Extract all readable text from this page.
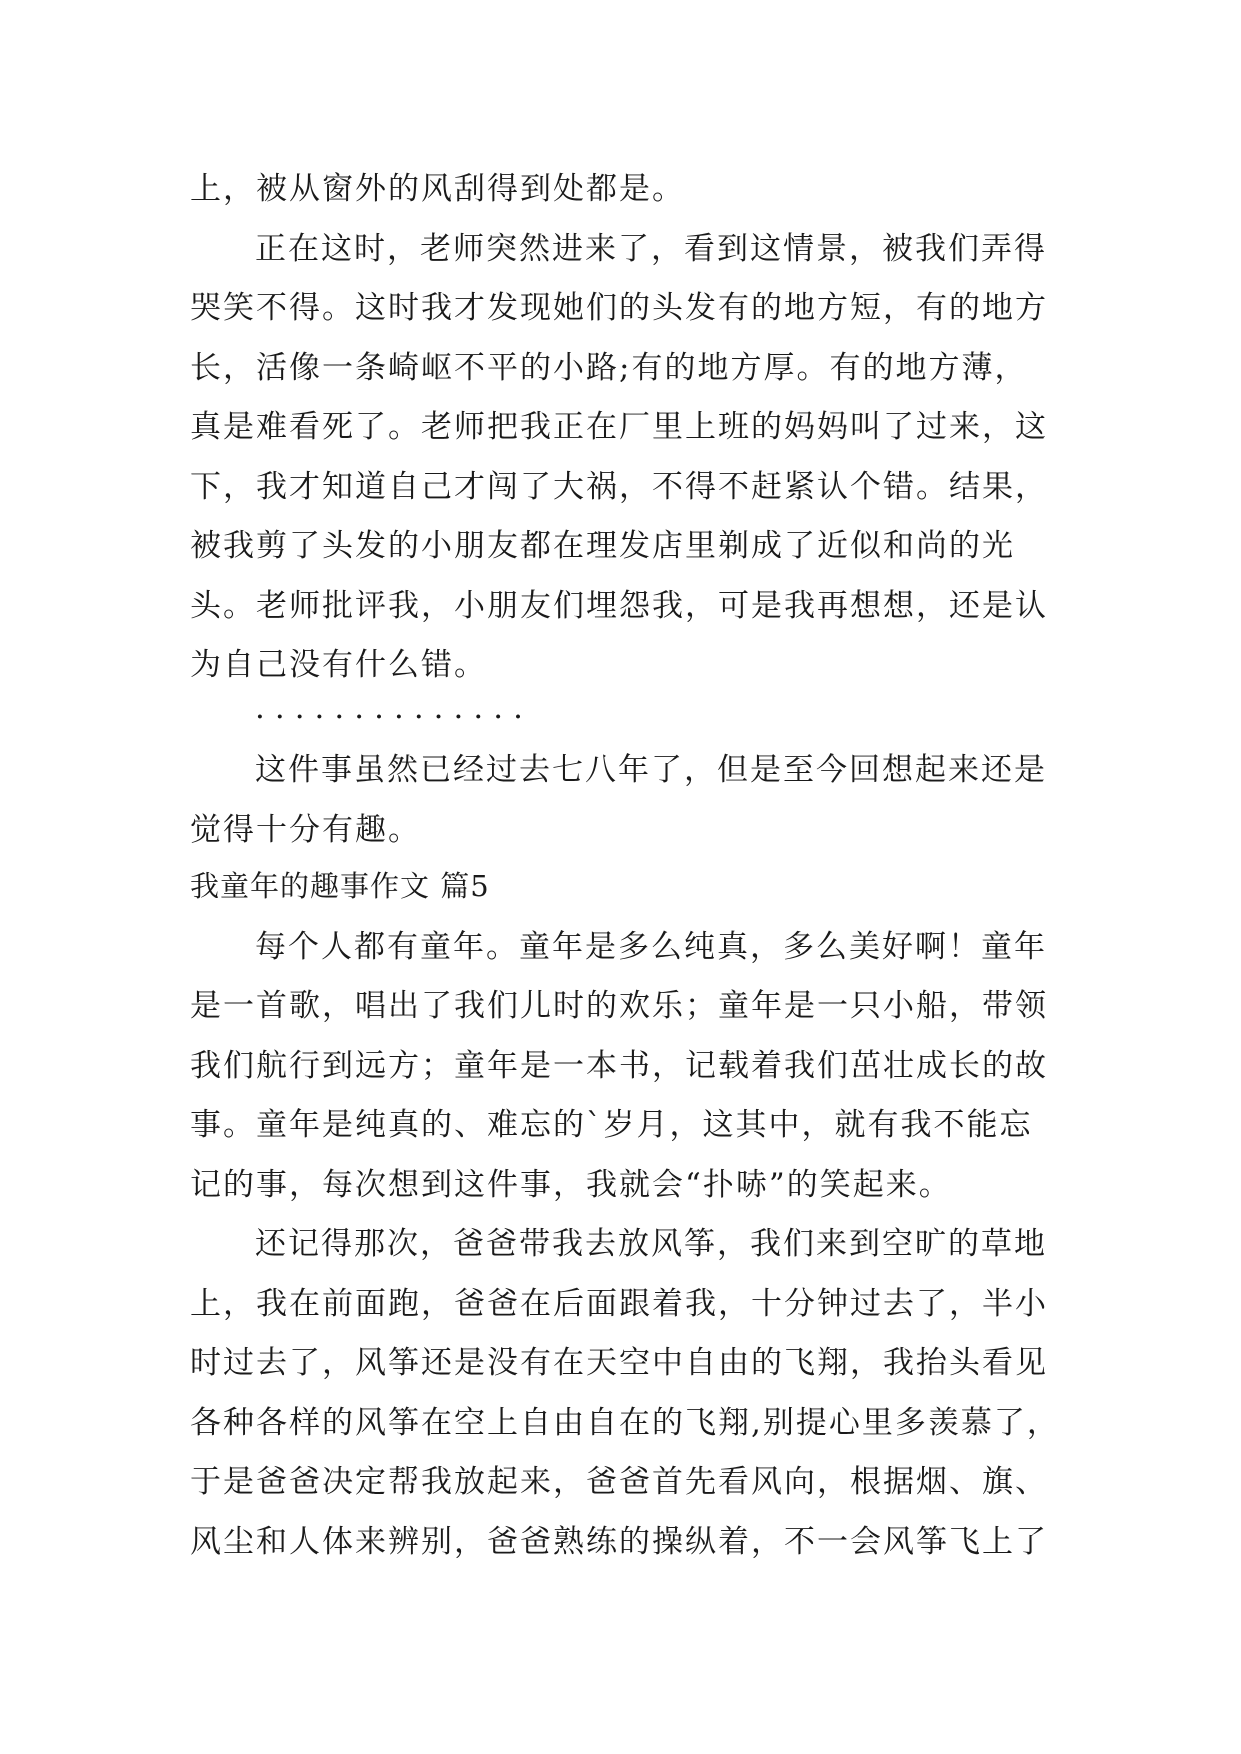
上，被从窗外的风刮得到处都是。
正在这时，老师突然进来了，看到这情景，被我们弄得
哭笑不得。这时我才发现她们的头发有的地方短，有的地方
长，活像一条崎岖不平的小路;有的地方厚。有的地方薄，
真是难看死了。老师把我正在厂里上班的妈妈叫了过来，这
下，我才知道自己才闯了大祸，不得不赶紧认个错。结果，
被我剪了头发的小朋友都在理发店里剃成了近似和尚的光
头。老师批评我，小朋友们埋怨我，可是我再想想，还是认
为自己没有什么错。
··············
这件事虽然已经过去七八年了，但是至今回想起来还是
觉得十分有趣。
我童年的趣事作文 篇5
每个人都有童年。童年是多么纯真，多么美好啊！童年
是一首歌，唱出了我们儿时的欢乐；童年是一只小船，带领
我们航行到远方；童年是一本书，记载着我们茁壮成长的故
事。童年是纯真的、难忘的`岁月，这其中，就有我不能忘
记的事，每次想到这件事，我就会“扑哧”的笑起来。
还记得那次，爸爸带我去放风筝，我们来到空旷的草地
上，我在前面跑，爸爸在后面跟着我，十分钟过去了，半小
时过去了，风筝还是没有在天空中自由的飞翔，我抬头看见
各种各样的风筝在空上自由自在的飞翔,别提心里多羡慕了，
于是爸爸决定帮我放起来，爸爸首先看风向，根据烟、旗、
风尘和人体来辨别，爸爸熟练的操纵着，不一会风筝飞上了
